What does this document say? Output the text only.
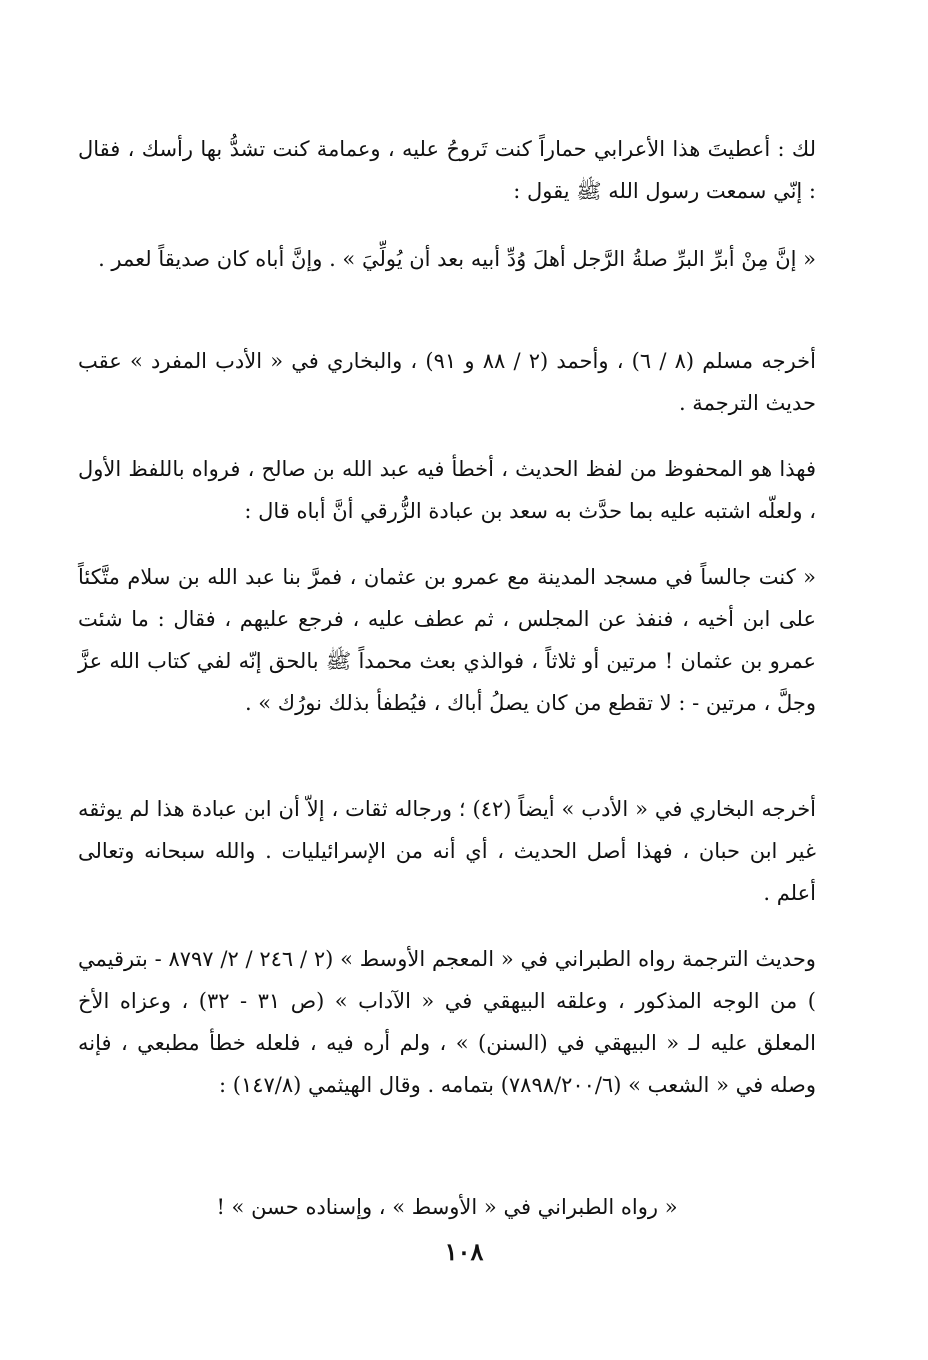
لك : أعطيتَ هذا الأعرابي حماراً كنت تَروحُ عليه ، وعمامة كنت تشدُّ بها رأسك ، فقال : إنّي سمعت رسول الله ﷺ يقول :

« إنَّ مِنْ أبرِّ البرِّ صلةُ الرَّجل أهلَ وُدِّ أبيه بعد أن يُولِّيَ » . وإنَّ أباه كان صديقاً لعمر .

أخرجه مسلم (٨ / ٦) ، وأحمد (٢ / ٨٨ و ٩١) ، والبخاري في « الأدب المفرد » عقب حديث الترجمة .

فهذا هو المحفوظ من لفظ الحديث ، أخطأ فيه عبد الله بن صالح ، فرواه باللفظ الأول ، ولعلّه اشتبه عليه بما حدَّث به سعد بن عبادة الزُّرقي أنَّ أباه قال :

« كنت جالساً في مسجد المدينة مع عمرو بن عثمان ، فمرَّ بنا عبد الله بن سلام متَّكئاً على ابن أخيه ، فنفذ عن المجلس ، ثم عطف عليه ، فرجع عليهم ، فقال : ما شئت عمرو بن عثمان ! مرتين أو ثلاثاً ، فوالذي بعث محمداً ﷺ بالحق إنّه لفي كتاب الله عزَّ وجلَّ ، مرتين - : لا تقطع من كان يصلُ أباك ، فيُطفأ بذلك نورُك » .

أخرجه البخاري في « الأدب » أيضاً (٤٢) ؛ ورجاله ثقات ، إلاّ أن ابن عبادة هذا لم يوثقه غير ابن حبان ، فهذا أصل الحديث ، أي أنه من الإسرائيليات . والله سبحانه وتعالى أعلم .

وحديث الترجمة رواه الطبراني في « المعجم الأوسط » (٢ / ٢٤٦ / ٢/ ٨٧٩٧ - بترقيمي ) من الوجه المذكور ، وعلقه البيهقي في « الآداب » (ص ٣١ - ٣٢) ، وعزاه الأخ المعلق عليه لـ « البيهقي في (السنن) » ، ولم أره فيه ، فلعله خطأ مطبعي ، فإنه وصله في « الشعب » (٧٨٩٨/٢٠٠/٦) بتمامه . وقال الهيثمي (١٤٧/٨) :

« رواه الطبراني في « الأوسط » ، وإسناده حسن » !

١٠٨
